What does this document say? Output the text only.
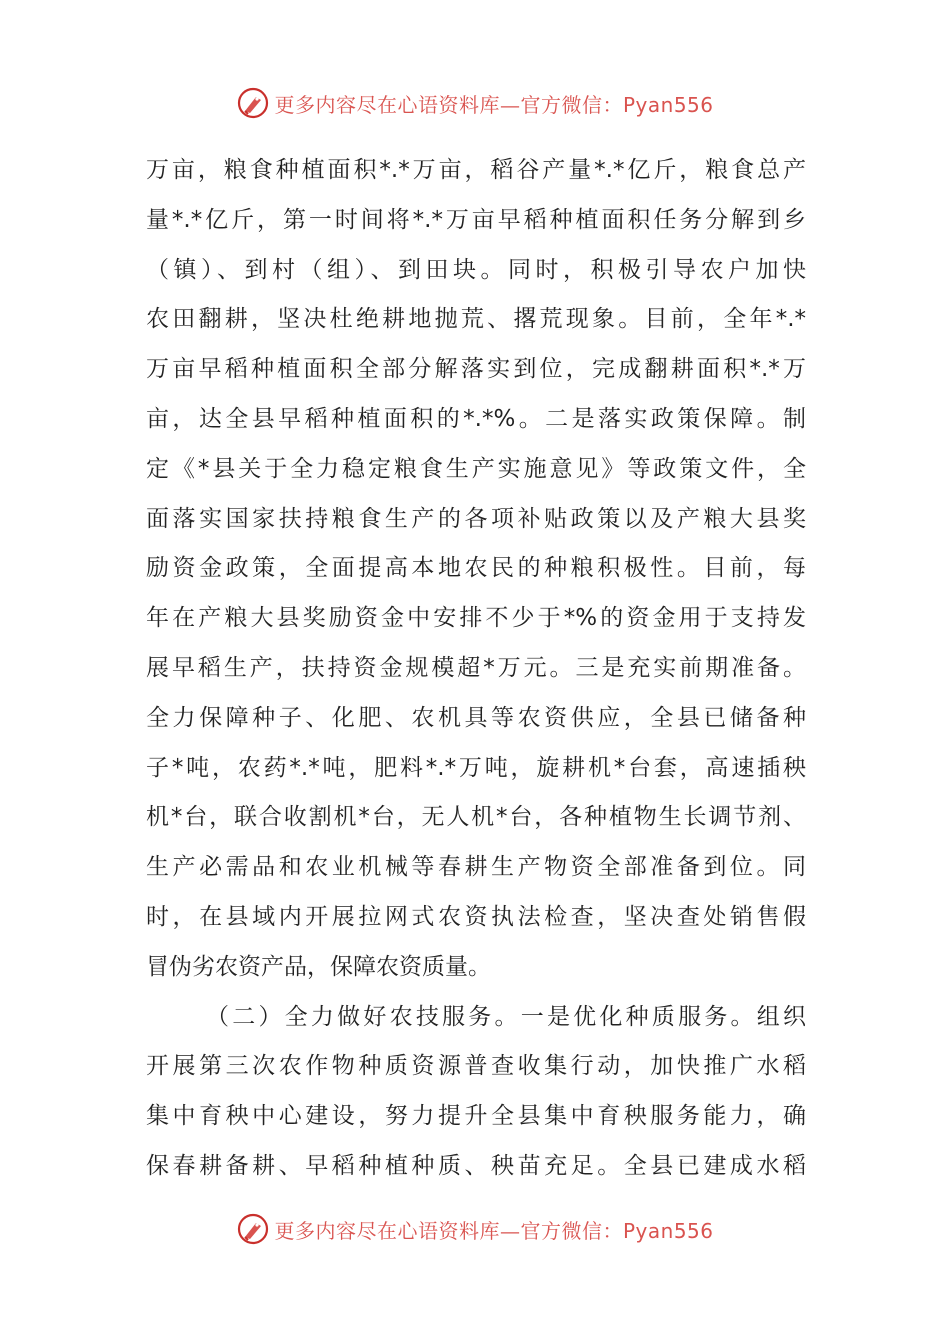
更多内容尽在心语资料库—官方微信：Pyan556
万亩，粮食种植面积*.*万亩，稻谷产量*.*亿斤，粮食总产
量*.*亿斤，第一时间将*.*万亩早稻种植面积任务分解到乡
（镇）、到村（组）、到田块。同时，积极引导农户加快
农田翻耕，坚决杜绝耕地抛荒、撂荒现象。目前，全年*.*
万亩早稻种植面积全部分解落实到位，完成翻耕面积*.*万
亩，达全县早稻种植面积的*.*%。二是落实政策保障。制
定《*县关于全力稳定粮食生产实施意见》等政策文件，全
面落实国家扶持粮食生产的各项补贴政策以及产粮大县奖
励资金政策，全面提高本地农民的种粮积极性。目前，每
年在产粮大县奖励资金中安排不少于*%的资金用于支持发
展早稻生产，扶持资金规模超*万元。三是充实前期准备。
全力保障种子、化肥、农机具等农资供应，全县已储备种
子*吨，农药*.*吨，肥料*.*万吨，旋耕机*台套，高速插秧
机*台，联合收割机*台，无人机*台，各种植物生长调节剂、
生产必需品和农业机械等春耕生产物资全部准备到位。同
时，在县域内开展拉网式农资执法检查，坚决查处销售假
冒伪劣农资产品，保障农资质量。
（二）全力做好农技服务。一是优化种质服务。组织
开展第三次农作物种质资源普查收集行动，加快推广水稻
集中育秧中心建设，努力提升全县集中育秧服务能力，确
保春耕备耕、早稻种植种质、秧苗充足。全县已建成水稻
更多内容尽在心语资料库—官方微信：Pyan556
